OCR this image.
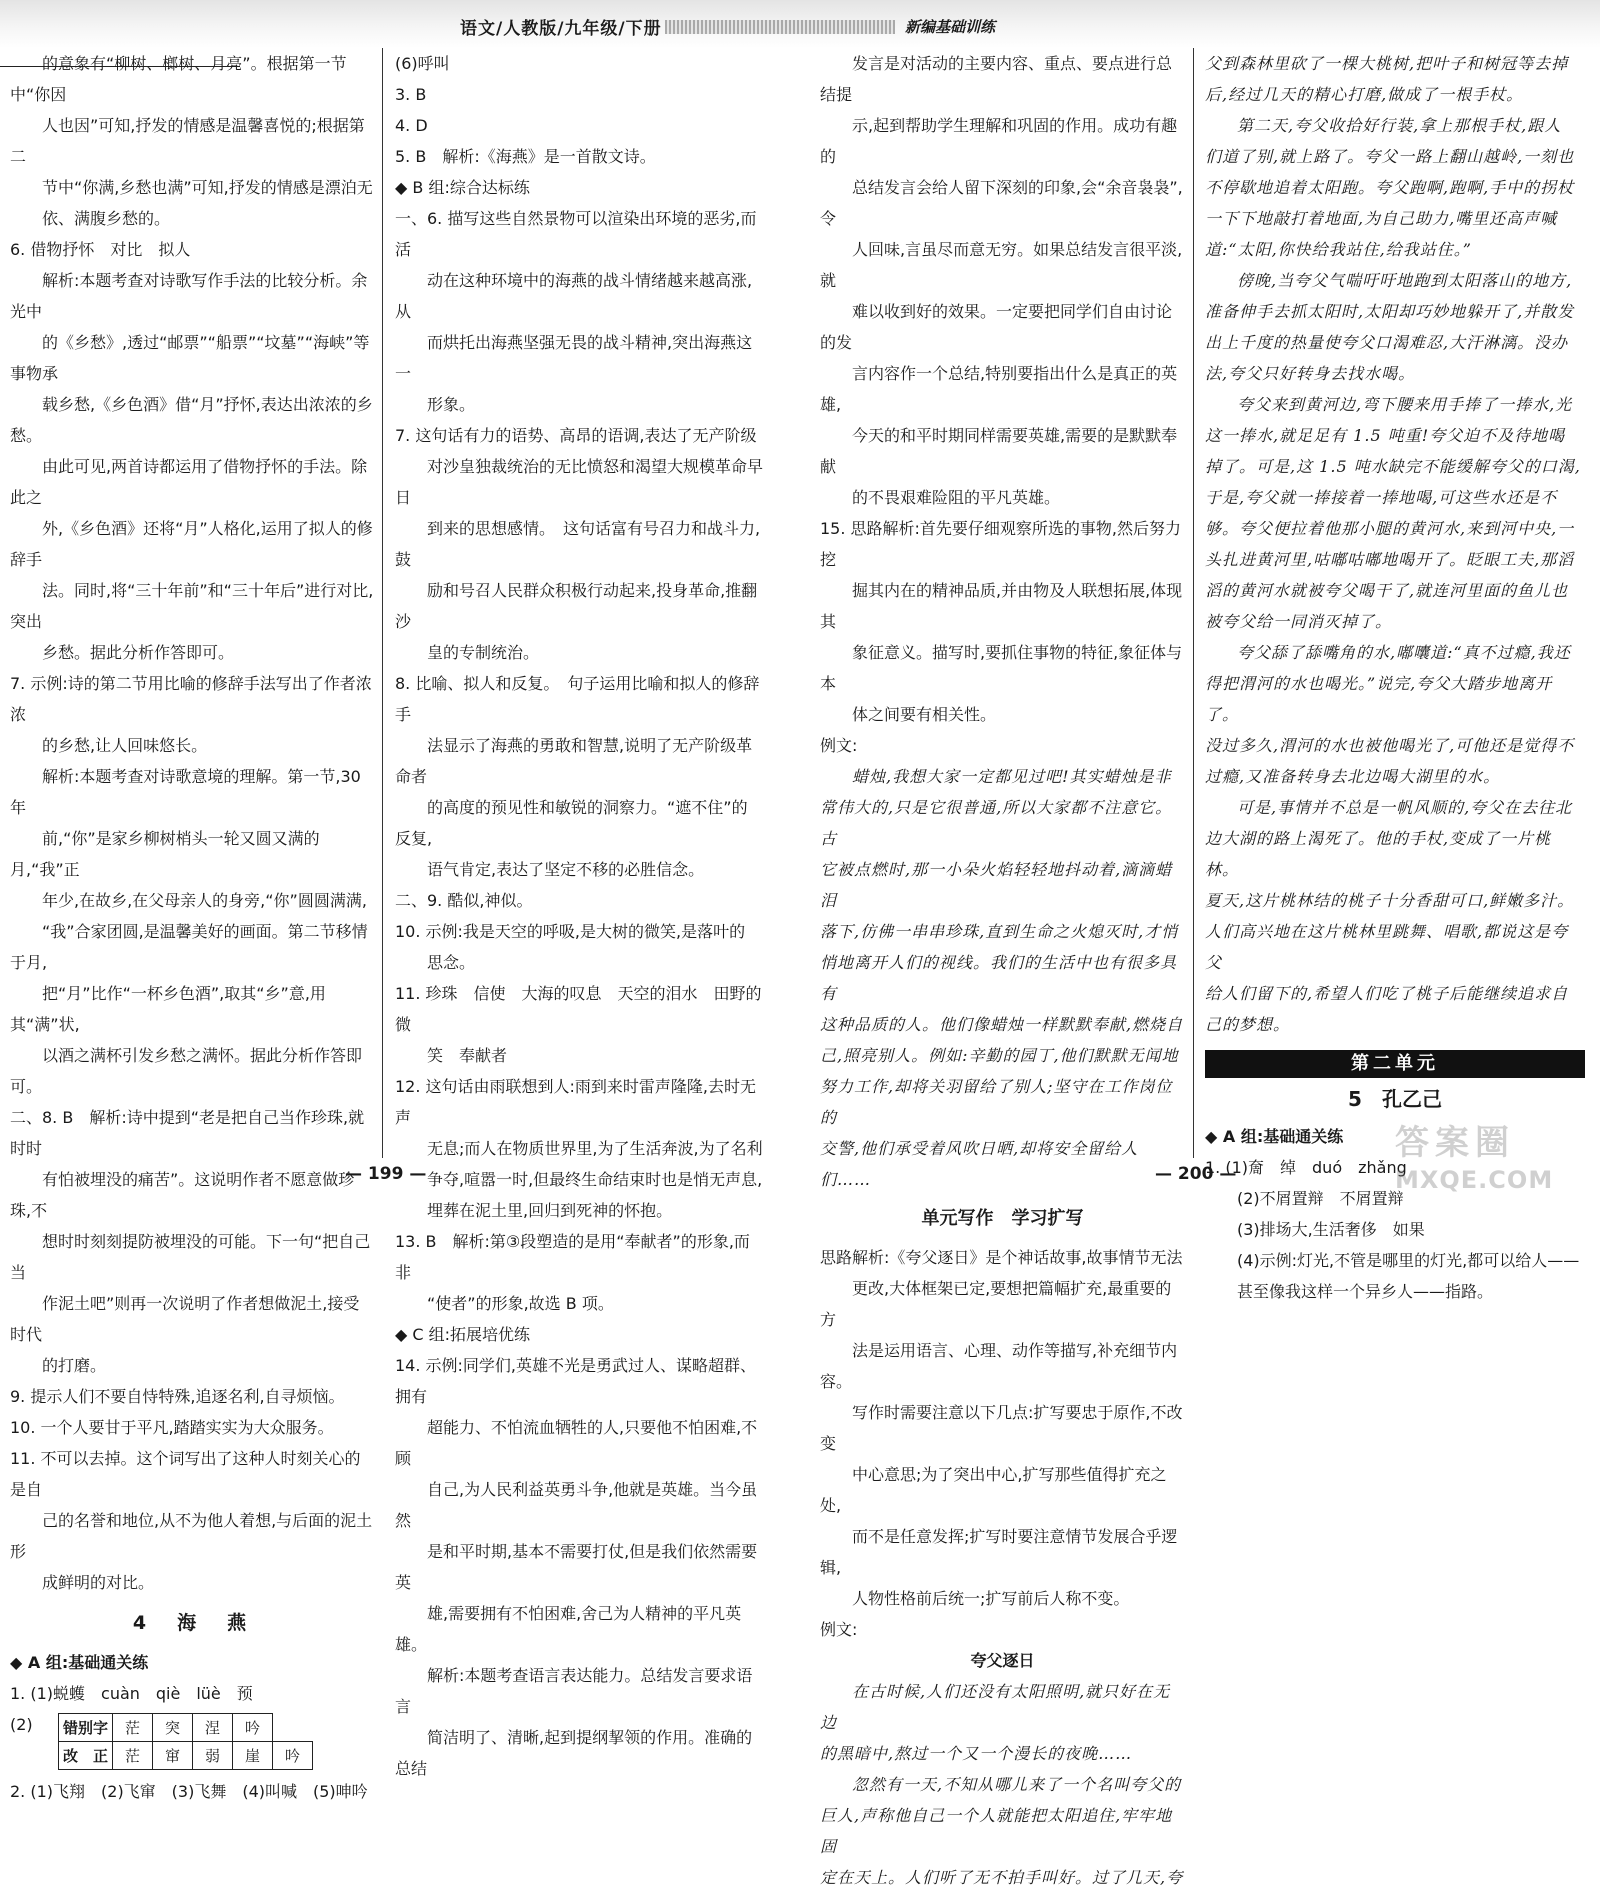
语文/人教版/九年级/下册	新编基础训练

的意象有“柳树、榔树、月亮”。根据第一节中“你因

人也因”可知,抒发的情感是温馨喜悦的;根据第二

节中“你满,乡愁也满”可知,抒发的情感是漂泊无

依、满腹乡愁的。

6. 借物抒怀　对比　拟人

解析:本题考查对诗歌写作手法的比较分析。余光中

的《乡愁》,透过“邮票”“船票”“坟墓”“海峡”等事物承

载乡愁,《乡色酒》借“月”抒怀,表达出浓浓的乡愁。

由此可见,两首诗都运用了借物抒怀的手法。除此之

外,《乡色酒》还将“月”人格化,运用了拟人的修辞手

法。同时,将“三十年前”和“三十年后”进行对比,突出

乡愁。据此分析作答即可。

7. 示例:诗的第二节用比喻的修辞手法写出了作者浓浓

的乡愁,让人回味悠长。

解析:本题考查对诗歌意境的理解。第一节,30 年

前,“你”是家乡柳树梢头一轮又圆又满的月,“我”正

年少,在故乡,在父母亲人的身旁,“你”圆圆满满,

“我”合家团圆,是温馨美好的画面。第二节移情于月,

把“月”比作“一杯乡色酒”,取其“乡”意,用其“满”状,

以酒之满杯引发乡愁之满怀。据此分析作答即可。

二、8. B　解析:诗中提到“老是把自己当作珍珠,就时时

有怕被埋没的痛苦”。这说明作者不愿意做珍珠,不

想时时刻刻提防被埋没的可能。下一句“把自己当

作泥土吧”则再一次说明了作者想做泥土,接受时代

的打磨。

9. 提示人们不要自恃特殊,追逐名利,自寻烦恼。

10. 一个人要甘于平凡,踏踏实实为大众服务。

11. 不可以去掉。这个词写出了这种人时刻关心的是自

己的名誉和地位,从不为他人着想,与后面的泥土形

成鲜明的对比。

4　海　燕

◆ A 组:基础通关练

1. (1)蜕蠖　cuàn　qiè　lüè　预

(2) 错别字	茫	突	涅	吟	
改　正	茫	窜	弱	崖	吟

2. (1)飞翔　(2)飞窜　(3)飞舞　(4)叫喊　(5)呻吟

(6)呼叫

3. B

4. D

5. B　解析:《海燕》是一首散文诗。

◆ B 组:综合达标练

一、6. 描写这些自然景物可以渲染出环境的恶劣,而活

动在这种环境中的海燕的战斗情绪越来越高涨,从

而烘托出海燕坚强无畏的战斗精神,突出海燕这一

形象。

7. 这句话有力的语势、高昂的语调,表达了无产阶级

对沙皇独裁统治的无比愤怒和渴望大规模革命早日

到来的思想感情。　这句话富有号召力和战斗力,鼓

励和号召人民群众积极行动起来,投身革命,推翻沙

皇的专制统治。

8. 比喻、拟人和反复。　句子运用比喻和拟人的修辞手

法显示了海燕的勇敢和智慧,说明了无产阶级革命者

的高度的预见性和敏锐的洞察力。“遮不住”的反复,

语气肯定,表达了坚定不移的必胜信念。

二、9. 酷似,神似。

10. 示例:我是天空的呼吸,是大树的微笑,是落叶的

思念。

11. 珍珠　信使　大海的叹息　天空的泪水　田野的微

笑　奉献者

12. 这句话由雨联想到人:雨到来时雷声隆隆,去时无声

无息;而人在物质世界里,为了生活奔波,为了名利

争夺,喧嚣一时,但最终生命结束时也是悄无声息,

埋葬在泥土里,回归到死神的怀抱。

13. B　解析:第③段塑造的是用“奉献者”的形象,而非

“使者”的形象,故选 B 项。

◆ C 组:拓展培优练

14. 示例:同学们,英雄不光是勇武过人、谋略超群、拥有

超能力、不怕流血牺牲的人,只要他不怕困难,不顾

自己,为人民利益英勇斗争,他就是英雄。当今虽然

是和平时期,基本不需要打仗,但是我们依然需要英

雄,需要拥有不怕困难,舍己为人精神的平凡英雄。

解析:本题考查语言表达能力。总结发言要求语言

简洁明了、清晰,起到提纲挈领的作用。准确的总结

发言是对活动的主要内容、重点、要点进行总结提

示,起到帮助学生理解和巩固的作用。成功有趣的

总结发言会给人留下深刻的印象,会“余音袅袅”,令

人回味,言虽尽而意无穷。如果总结发言很平淡,就

难以收到好的效果。一定要把同学们自由讨论的发

言内容作一个总结,特别要指出什么是真正的英雄,

今天的和平时期同样需要英雄,需要的是默默奉献

的不畏艰难险阻的平凡英雄。

15. 思路解析:首先要仔细观察所选的事物,然后努力挖

掘其内在的精神品质,并由物及人联想拓展,体现其

象征意义。描写时,要抓住事物的特征,象征体与本

体之间要有相关性。

例文:

蜡烛,我想大家一定都见过吧!其实蜡烛是非

常伟大的,只是它很普通,所以大家都不注意它。古

它被点燃时,那一小朵火焰轻轻地抖动着,滴滴蜡泪

落下,仿佛一串串珍珠,直到生命之火熄灭时,才悄

悄地离开人们的视线。我们的生活中也有很多具有

这种品质的人。他们像蜡烛一样默默奉献,燃烧自

己,照亮别人。例如:辛勤的园丁,他们默默无闻地

努力工作,却将关羽留给了别人;坚守在工作岗位的

交警,他们承受着风吹日晒,却将安全留给人们……

单元写作　学习扩写

思路解析:《夸父逐日》是个神话故事,故事情节无法

更改,大体框架已定,要想把篇幅扩充,最重要的方

法是运用语言、心理、动作等描写,补充细节内容。

写作时需要注意以下几点:扩写要忠于原作,不改变

中心意思;为了突出中心,扩写那些值得扩充之处,

而不是任意发挥;扩写时要注意情节发展合乎逻辑,

人物性格前后统一;扩写前后人称不变。

例文:

夸父逐日

在古时候,人们还没有太阳照明,就只好在无边

的黑暗中,熬过一个又一个漫长的夜晚……

忽然有一天,不知从哪儿来了一个名叫夸父的

巨人,声称他自己一个人就能把太阳追住,牢牢地固

定在天上。人们听了无不拍手叫好。过了几天,夸

父到森林里砍了一棵大桃树,把叶子和树冠等去掉

后,经过几天的精心打磨,做成了一根手杖。

第二天,夸父收拾好行装,拿上那根手杖,跟人

们道了别,就上路了。夸父一路上翻山越岭,一刻也

不停歇地追着太阳跑。夸父跑啊,跑啊,手中的拐杖

一下下地敲打着地面,为自己助力,嘴里还高声喊

道:“太阳,你快给我站住,给我站住。”

傍晚,当夸父气喘吁吁地跑到太阳落山的地方,

准备伸手去抓太阳时,太阳却巧妙地躲开了,并散发

出上千度的热量使夸父口渴难忍,大汗淋漓。没办

法,夸父只好转身去找水喝。

夸父来到黄河边,弯下腰来用手捧了一捧水,光

这一捧水,就足足有 1.5 吨重!夸父迫不及待地喝

掉了。可是,这 1.5 吨水缺完不能缓解夸父的口渴,

于是,夸父就一捧接着一捧地喝,可这些水还是不

够。夸父便拉着他那小腿的黄河水,来到河中央,一

头扎进黄河里,咕嘟咕嘟地喝开了。眨眼工夫,那滔

滔的黄河水就被夸父喝干了,就连河里面的鱼儿也

被夸父给一同消灭掉了。

夸父舔了舔嘴角的水,嘟囔道:“真不过瘾,我还

得把渭河的水也喝光。”说完,夸父大踏步地离开了。

没过多久,渭河的水也被他喝光了,可他还是觉得不

过瘾,又准备转身去北边喝大湖里的水。

可是,事情并不总是一帆风顺的,夸父在去往北

边大湖的路上渴死了。他的手杖,变成了一片桃林。

夏天,这片桃林结的桃子十分香甜可口,鲜嫩多汁。

人们高兴地在这片桃林里跳舞、唱歌,都说这是夸父

给人们留下的,希望人们吃了桃子后能继续追求自

己的梦想。

第二单元

5　孔乙己

◆ A 组:基础通关练

1. (1)奝　绰　duó　zhǎng

(2)不屑置辩　不屑置辩

(3)排场大,生活奢侈　如果

(4)示例:灯光,不管是哪里的灯光,都可以给人——

甚至像我这样一个异乡人——指路。

— 199 —	— 200 —
答案圈
MXQE.COM
